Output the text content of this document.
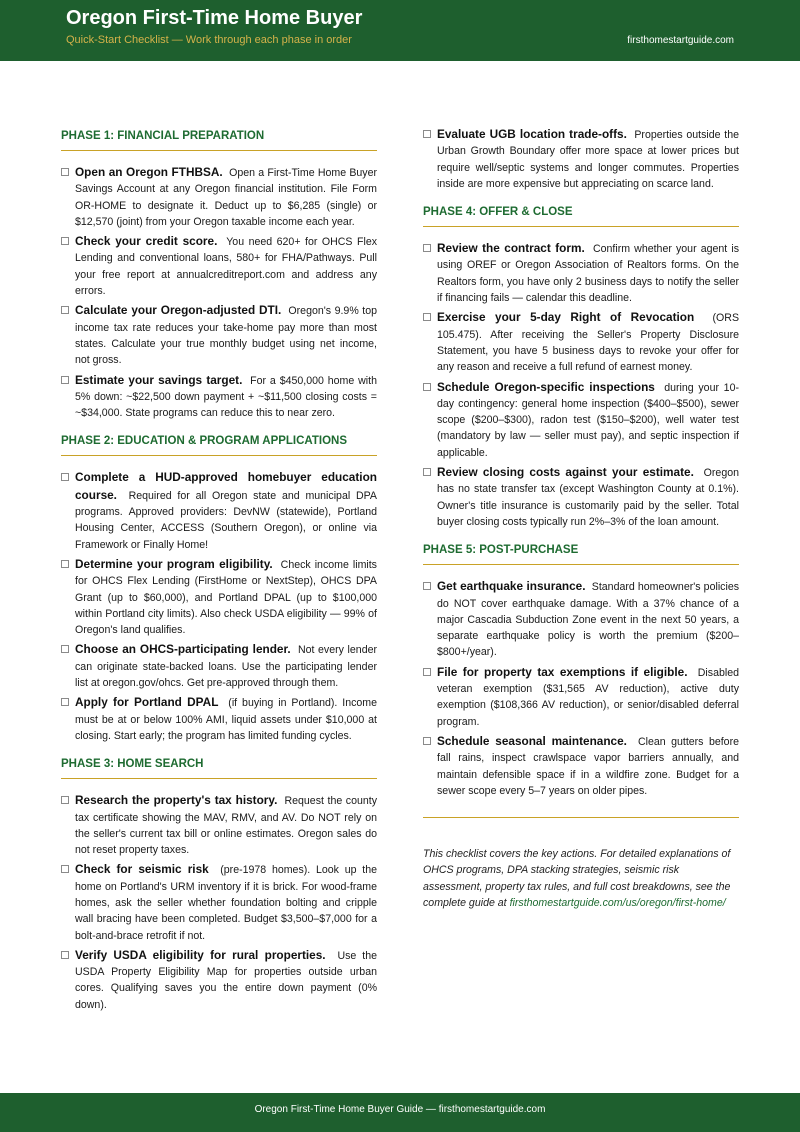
Oregon First-Time Home Buyer
Quick-Start Checklist — Work through each phase in order	firsthomestartguide.com
PHASE 1: FINANCIAL PREPARATION
Open an Oregon FTHBSA. Open a First-Time Home Buyer Savings Account at any Oregon financial institution. File Form OR-HOME to designate it. Deduct up to $6,285 (single) or $12,570 (joint) from your Oregon taxable income each year.
Check your credit score. You need 620+ for OHCS Flex Lending and conventional loans, 580+ for FHA/Pathways. Pull your free report at annualcreditreport.com and address any errors.
Calculate your Oregon-adjusted DTI. Oregon's 9.9% top income tax rate reduces your take-home pay more than most states. Calculate your true monthly budget using net income, not gross.
Estimate your savings target. For a $450,000 home with 5% down: ~$22,500 down payment + ~$11,500 closing costs = ~$34,000. State programs can reduce this to near zero.
PHASE 2: EDUCATION & PROGRAM APPLICATIONS
Complete a HUD-approved homebuyer education course. Required for all Oregon state and municipal DPA programs. Approved providers: DevNW (statewide), Portland Housing Center, ACCESS (Southern Oregon), or online via Framework or Finally Home!
Determine your program eligibility. Check income limits for OHCS Flex Lending (FirstHome or NextStep), OHCS DPA Grant (up to $60,000), and Portland DPAL (up to $100,000 within Portland city limits). Also check USDA eligibility — 99% of Oregon's land qualifies.
Choose an OHCS-participating lender. Not every lender can originate state-backed loans. Use the participating lender list at oregon.gov/ohcs. Get pre-approved through them.
Apply for Portland DPAL (if buying in Portland). Income must be at or below 100% AMI, liquid assets under $10,000 at closing. Start early; the program has limited funding cycles.
PHASE 3: HOME SEARCH
Research the property's tax history. Request the county tax certificate showing the MAV, RMV, and AV. Do NOT rely on the seller's current tax bill or online estimates. Oregon sales do not reset property taxes.
Check for seismic risk (pre-1978 homes). Look up the home on Portland's URM inventory if it is brick. For wood-frame homes, ask the seller whether foundation bolting and cripple wall bracing have been completed. Budget $3,500–$7,000 for a bolt-and-brace retrofit if not.
Verify USDA eligibility for rural properties. Use the USDA Property Eligibility Map for properties outside urban cores. Qualifying saves you the entire down payment (0% down).
Evaluate UGB location trade-offs. Properties outside the Urban Growth Boundary offer more space at lower prices but require well/septic systems and longer commutes. Properties inside are more expensive but appreciating on scarce land.
PHASE 4: OFFER & CLOSE
Review the contract form. Confirm whether your agent is using OREF or Oregon Association of Realtors forms. On the Realtors form, you have only 2 business days to notify the seller if financing fails — calendar this deadline.
Exercise your 5-day Right of Revocation (ORS 105.475). After receiving the Seller's Property Disclosure Statement, you have 5 business days to revoke your offer for any reason and receive a full refund of earnest money.
Schedule Oregon-specific inspections during your 10-day contingency: general home inspection ($400–$500), sewer scope ($200–$300), radon test ($150–$200), well water test (mandatory by law — seller must pay), and septic inspection if applicable.
Review closing costs against your estimate. Oregon has no state transfer tax (except Washington County at 0.1%). Owner's title insurance is customarily paid by the seller. Total buyer closing costs typically run 2%–3% of the loan amount.
PHASE 5: POST-PURCHASE
Get earthquake insurance. Standard homeowner's policies do NOT cover earthquake damage. With a 37% chance of a major Cascadia Subduction Zone event in the next 50 years, a separate earthquake policy is worth the premium ($200–$800+/year).
File for property tax exemptions if eligible. Disabled veteran exemption ($31,565 AV reduction), active duty exemption ($108,366 AV reduction), or senior/disabled deferral program.
Schedule seasonal maintenance. Clean gutters before fall rains, inspect crawlspace vapor barriers annually, and maintain defensible space if in a wildfire zone. Budget for a sewer scope every 5–7 years on older pipes.
This checklist covers the key actions. For detailed explanations of OHCS programs, DPA stacking strategies, seismic risk assessment, property tax rules, and full cost breakdowns, see the complete guide at firsthomestartguide.com/us/oregon/first-home/
Oregon First-Time Home Buyer Guide — firsthomestartguide.com
